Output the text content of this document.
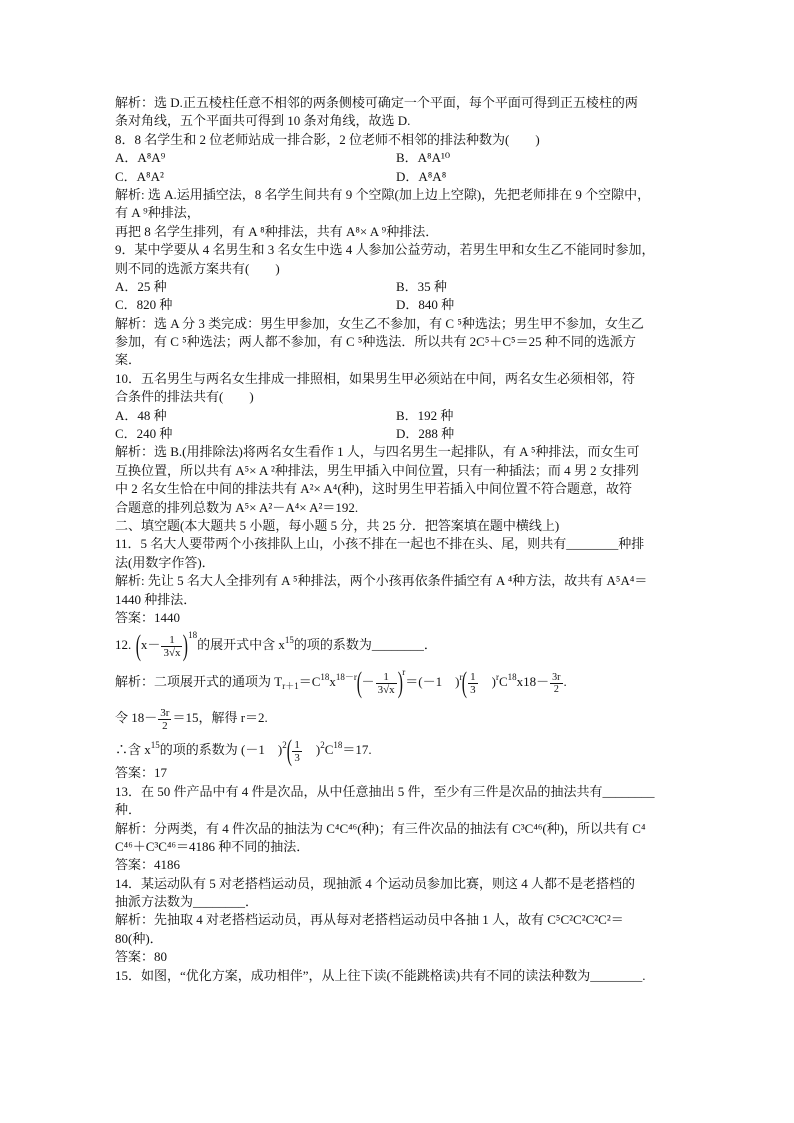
解析：选 D.正五棱柱任意不相邻的两条侧棱可确定一个平面，每个平面可得到正五棱柱的两
条对角线，五个平面共可得到 10 条对角线，故选 D.
8．8 名学生和 2 位老师站成一排合影，2 位老师不相邻的排法种数为(　　)
A．A⁸A⁹	B．A⁸A¹⁰
C．A⁸A²	D．A⁸A⁸
解析: 选 A.运用插空法，8 名学生间共有 9 个空隙(加上边上空隙)，先把老师排在 9 个空隙中，
有 A ⁹种排法，
再把 8 名学生排列，有 A ⁸种排法，共有 A⁸× A ⁹种排法．
9．某中学要从 4 名男生和 3 名女生中选 4 人参加公益劳动，若男生甲和女生乙不能同时参加，
则不同的选派方案共有(　　)
A．25 种	B．35 种
C．820 种	D．840 种
解析：选 A 分 3 类完成：男生甲参加，女生乙不参加，有 C ⁵种选法；男生甲不参加，女生乙
参加，有 C ⁵种选法；两人都不参加，有 C ⁵种选法．所以共有 2C⁵＋C⁵＝25 种不同的选派方
案．
10．五名男生与两名女生排成一排照相，如果男生甲必须站在中间，两名女生必须相邻，符
合条件的排法共有(　　)
A．48 种	B．192 种
C．240 种	D．288 种
解析：选 B.(用排除法)将两名女生看作 1 人，与四名男生一起排队，有 A ⁵种排法，而女生可
互换位置，所以共有 A⁵× A ²种排法，男生甲插入中间位置，只有一种插法；而 4 男 2 女排列
中 2 名女生恰在中间的排法共有 A²× A⁴(种)，这时男生甲若插入中间位置不符合题意，故符
合题意的排列总数为 A⁵× A²－A⁴× A²＝192.
二、填空题(本大题共 5 小题，每小题 5 分，共 25 分．把答案填在题中横线上)
11．5 名大人要带两个小孩排队上山，小孩不排在一起也不排在头、尾，则共有________种排
法(用数字作答)．
解析: 先让 5 名大人全排列有 A ⁵种排法，两个小孩再依条件插空有 A ⁴种方法，故共有 A⁵A⁴＝
1440 种排法．
答案：1440
12. $(x- \frac{1}{3√x} )^{18}$的展开式中含 $x^{15}$的项的系数为________．
解析：二项展开式的通项为 $T_{r+1}=C^{18}x^{18-r}(- \frac{1}{3√x} )^r=(-1$　)$^r( \frac{1}{3}$ 　)$^rC^{18}x18- \frac{3r}{2}$ .
令 $18- \frac{3r}{2} =15$，解得 r＝2.
∴含 $x^{15}$的项的系数为 (－1　)$^2( \frac{1}{3}$ 　)$^2C^{18}=17$.
答案：17
13．在 50 件产品中有 4 件是次品，从中任意抽出 5 件，至少有三件是次品的抽法共有________
种．
解析：分两类，有 4 件次品的抽法为 C⁴C⁴⁶(种)；有三件次品的抽法有 C³C⁴⁶(种)，所以共有 C⁴
C⁴⁶＋C³C⁴⁶＝4186 种不同的抽法．
答案：4186
14．某运动队有 5 对老搭档运动员，现抽派 4 个运动员参加比赛，则这 4 人都不是老搭档的
抽派方法数为________．
解析：先抽取 4 对老搭档运动员，再从每对老搭档运动员中各抽 1 人，故有 C⁵C²C²C²C²＝
80(种)．
答案：80
15．如图，“优化方案，成功相伴”，从上往下读(不能跳格读)共有不同的读法种数为________.
